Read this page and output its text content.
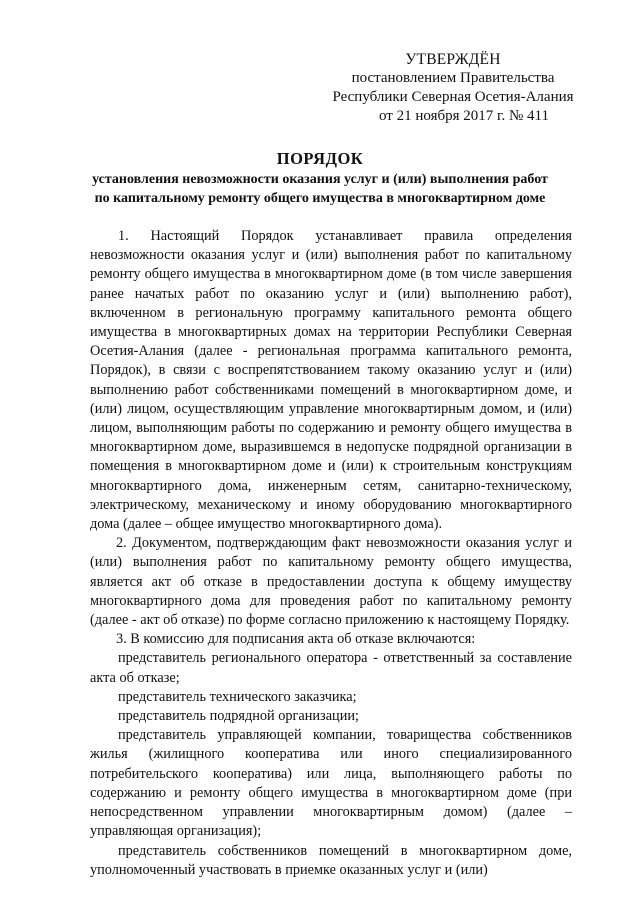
УТВЕРЖДЁН
постановлением Правительства
Республики Северная Осетия-Алания
от 21 ноября 2017 г. № 411
ПОРЯДОК
установления невозможности оказания услуг и (или) выполнения работ
по капитальному ремонту общего имущества в многоквартирном доме

1. Настоящий Порядок устанавливает правила определения невозможности оказания услуг и (или) выполнения работ по капитальному ремонту общего имущества в многоквартирном доме (в том числе завершения ранее начатых работ по оказанию услуг и (или) выполнению работ), включенном в региональную программу капитального ремонта общего имущества в многоквартирных домах на территории Республики Северная Осетия-Алания (далее - региональная программа капитального ремонта, Порядок), в связи с воспрепятствованием такому оказанию услуг и (или) выполнению работ собственниками помещений в многоквартирном доме, и (или) лицом, осуществляющим управление многоквартирным домом, и (или) лицом, выполняющим работы по содержанию и ремонту общего имущества в многоквартирном доме, выразившемся в недопуске подрядной организации в помещения в многоквартирном доме и (или) к строительным конструкциям многоквартирного дома, инженерным сетям, санитарно-техническому, электрическому, механическому и иному оборудованию многоквартирного дома (далее – общее имущество многоквартирного дома).

2. Документом, подтверждающим факт невозможности оказания услуг и (или) выполнения работ по капитальному ремонту общего имущества, является акт об отказе в предоставлении доступа к общему имуществу многоквартирного дома для проведения работ по капитальному ремонту (далее - акт об отказе) по форме согласно приложению к настоящему Порядку.

3. В комиссию для подписания акта об отказе включаются:

представитель регионального оператора - ответственный за составление акта об отказе;

представитель технического заказчика;

представитель подрядной организации;

представитель управляющей компании, товарищества собственников жилья (жилищного кооператива или иного специализированного потребительского кооператива) или лица, выполняющего работы по содержанию и ремонту общего имущества в многоквартирном доме (при непосредственном управлении многоквартирным домом) (далее – управляющая организация);

представитель собственников помещений в многоквартирном доме, уполномоченный участвовать в приемке оказанных услуг и (или)
